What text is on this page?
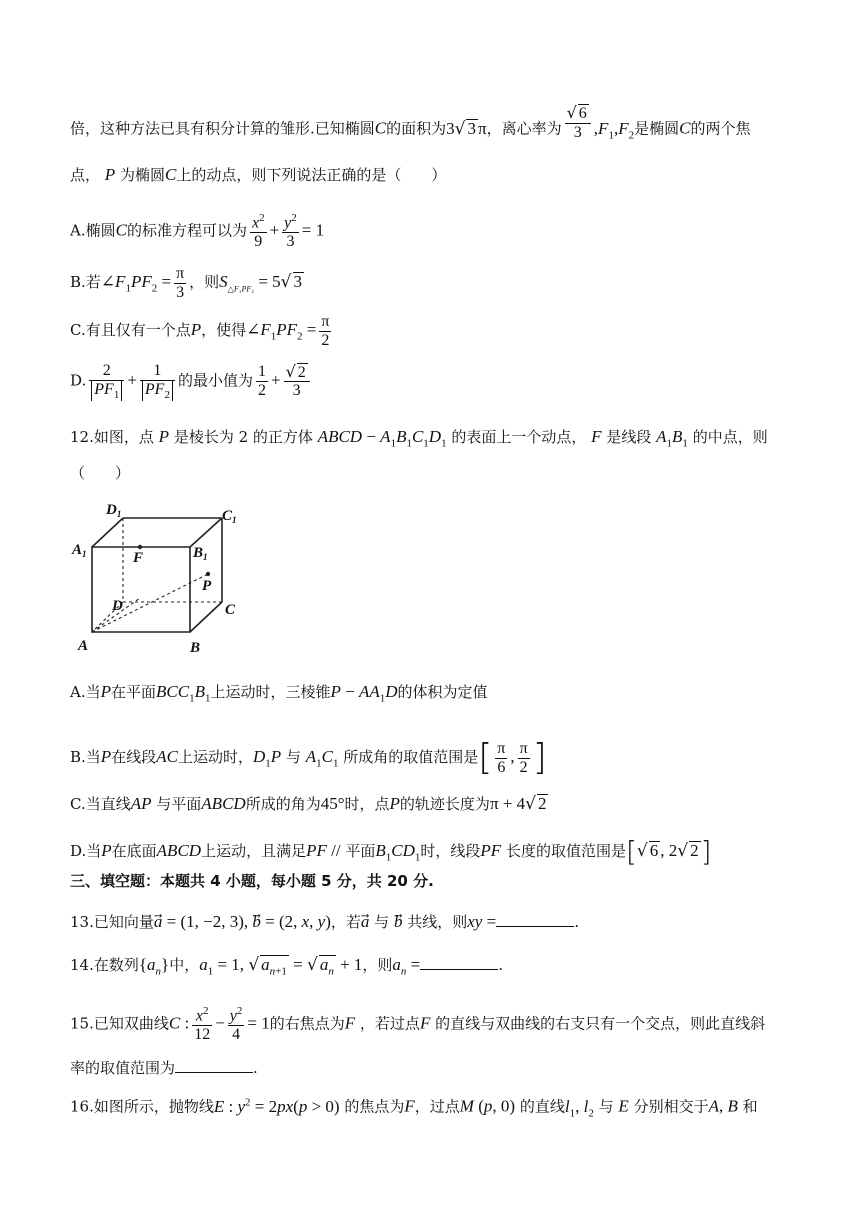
倍，这种方法已具有积分计算的雏形.已知椭圆C的面积为3√ 3 π，离心率为 $\frac{√ 6}{3} ,F_1,F_2$是椭圆C的两个焦
点， P 为椭圆C上的动点，则下列说法正确的是（　　）
A.椭圆C的标准方程可以为 $\frac{x^2}{9} + \frac{y^2}{3} = 1$
B.若$\angle F_1PF_2 = \frac{\pi}{3}$ ，则$S_{\triangle F_1PF_2} = 5√$ 3
C.有且仅有一个点P，使得$\angle F_1PF_2 = \frac{\pi}{2}$
D. $\frac{2}{PF_1} + \frac{1}{PF_2}$ 的最小值为 $\frac{1}{2} + \frac{√ 2}{3}$
12.如图，点 P 是棱长为 2 的正方体 ABCD − $A_1B_1C_1D_1$ 的表面上一个动点， F 是线段 $A_1B_1$ 的中点，则
（　　）
$D_1$	$C_1$
$A_1$	$B_1$
F
P
D	C
A	B
A.当P在平面$BCC_1B_1$上运动时，三棱锥$P - AA_1D$的体积为定值
B.当P在线段AC上运动时，$D_1P$ 与 $A_1C_1$ 所成角的取值范围是[ $\frac{\pi}{6}$ , $\frac{\pi}{2}$ ]
C.当直线AP 与平面ABCD所成的角为45°时，点P的轨迹长度为π + 4√ 2
D.当P在底面ABCD上运动，且满足PF // 平面$B_1CD_1$时，线段PF 长度的取值范围是[√ 6 , 2√ 2]
三、填空题：本题共 4 小题，每小题 5 分，共 20 分.
13.已知向量a⃗ = (1, −2, 3), b⃗ = (2, x, y)，若a 与 b 共线，则xy =	.
14.在数列$\{a_n\}$中，$a_1 = 1$, √ $a_{n+1}$ = √ $a_n + 1$，则$a_n$ =	.
15.已知双曲线C : $\frac{x^2}{12} - \frac{y^2}{4} = 1$的右焦点为F ，若过点F 的直线与双曲线的右支只有一个交点，则此直线斜
率的取值范围为	.
16.如图所示，抛物线E : $y^2 = 2px(p > 0)$ 的焦点为F，过点M (p, 0) 的直线$l_1$, $l_2$ 与 E 分别相交于A, B 和
